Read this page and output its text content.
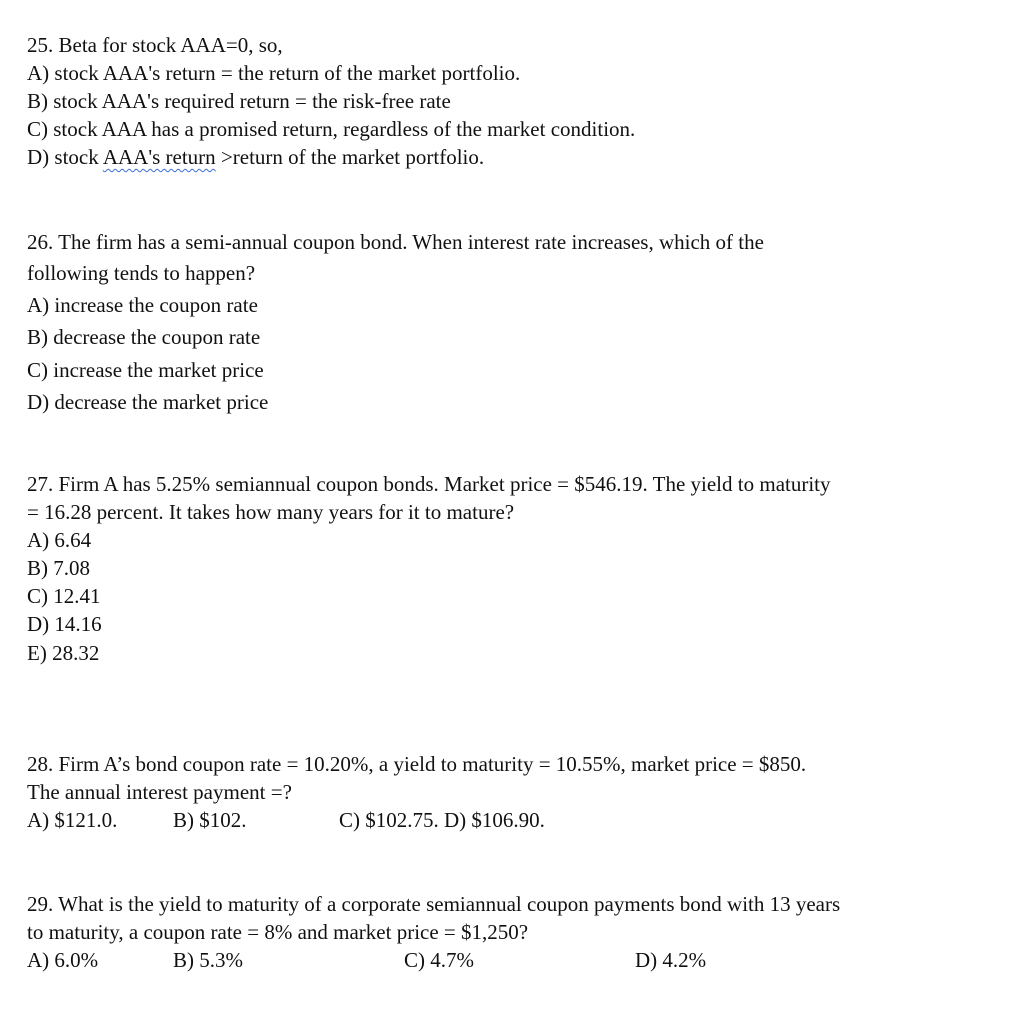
25. Beta for stock AAA=0, so,
A) stock AAA's return = the return of the market portfolio.
B) stock AAA's required return = the risk-free rate
C) stock AAA has a promised return, regardless of the market condition.
D) stock AAA's return >return of the market portfolio.
26. The firm has a semi-annual coupon bond. When interest rate increases, which of the
following tends to happen?
A) increase the coupon rate
B) decrease the coupon rate
C) increase the market price
D) decrease the market price
27. Firm A has 5.25% semiannual coupon bonds. Market price = $546.19. The yield to maturity
= 16.28 percent. It takes how many years for it to mature?
A) 6.64
B) 7.08
C) 12.41
D) 14.16
E) 28.32
28. Firm A’s bond coupon rate = 10.20%, a yield to maturity = 10.55%, market price = $850.
The annual interest payment =?
A) $121.0.	B) $102.	C) $102.75. D) $106.90.
29. What is the yield to maturity of a corporate semiannual coupon payments bond with 13 years
to maturity, a coupon rate = 8% and market price = $1,250?
A) 6.0%	B) 5.3%	C) 4.7%	D) 4.2%
